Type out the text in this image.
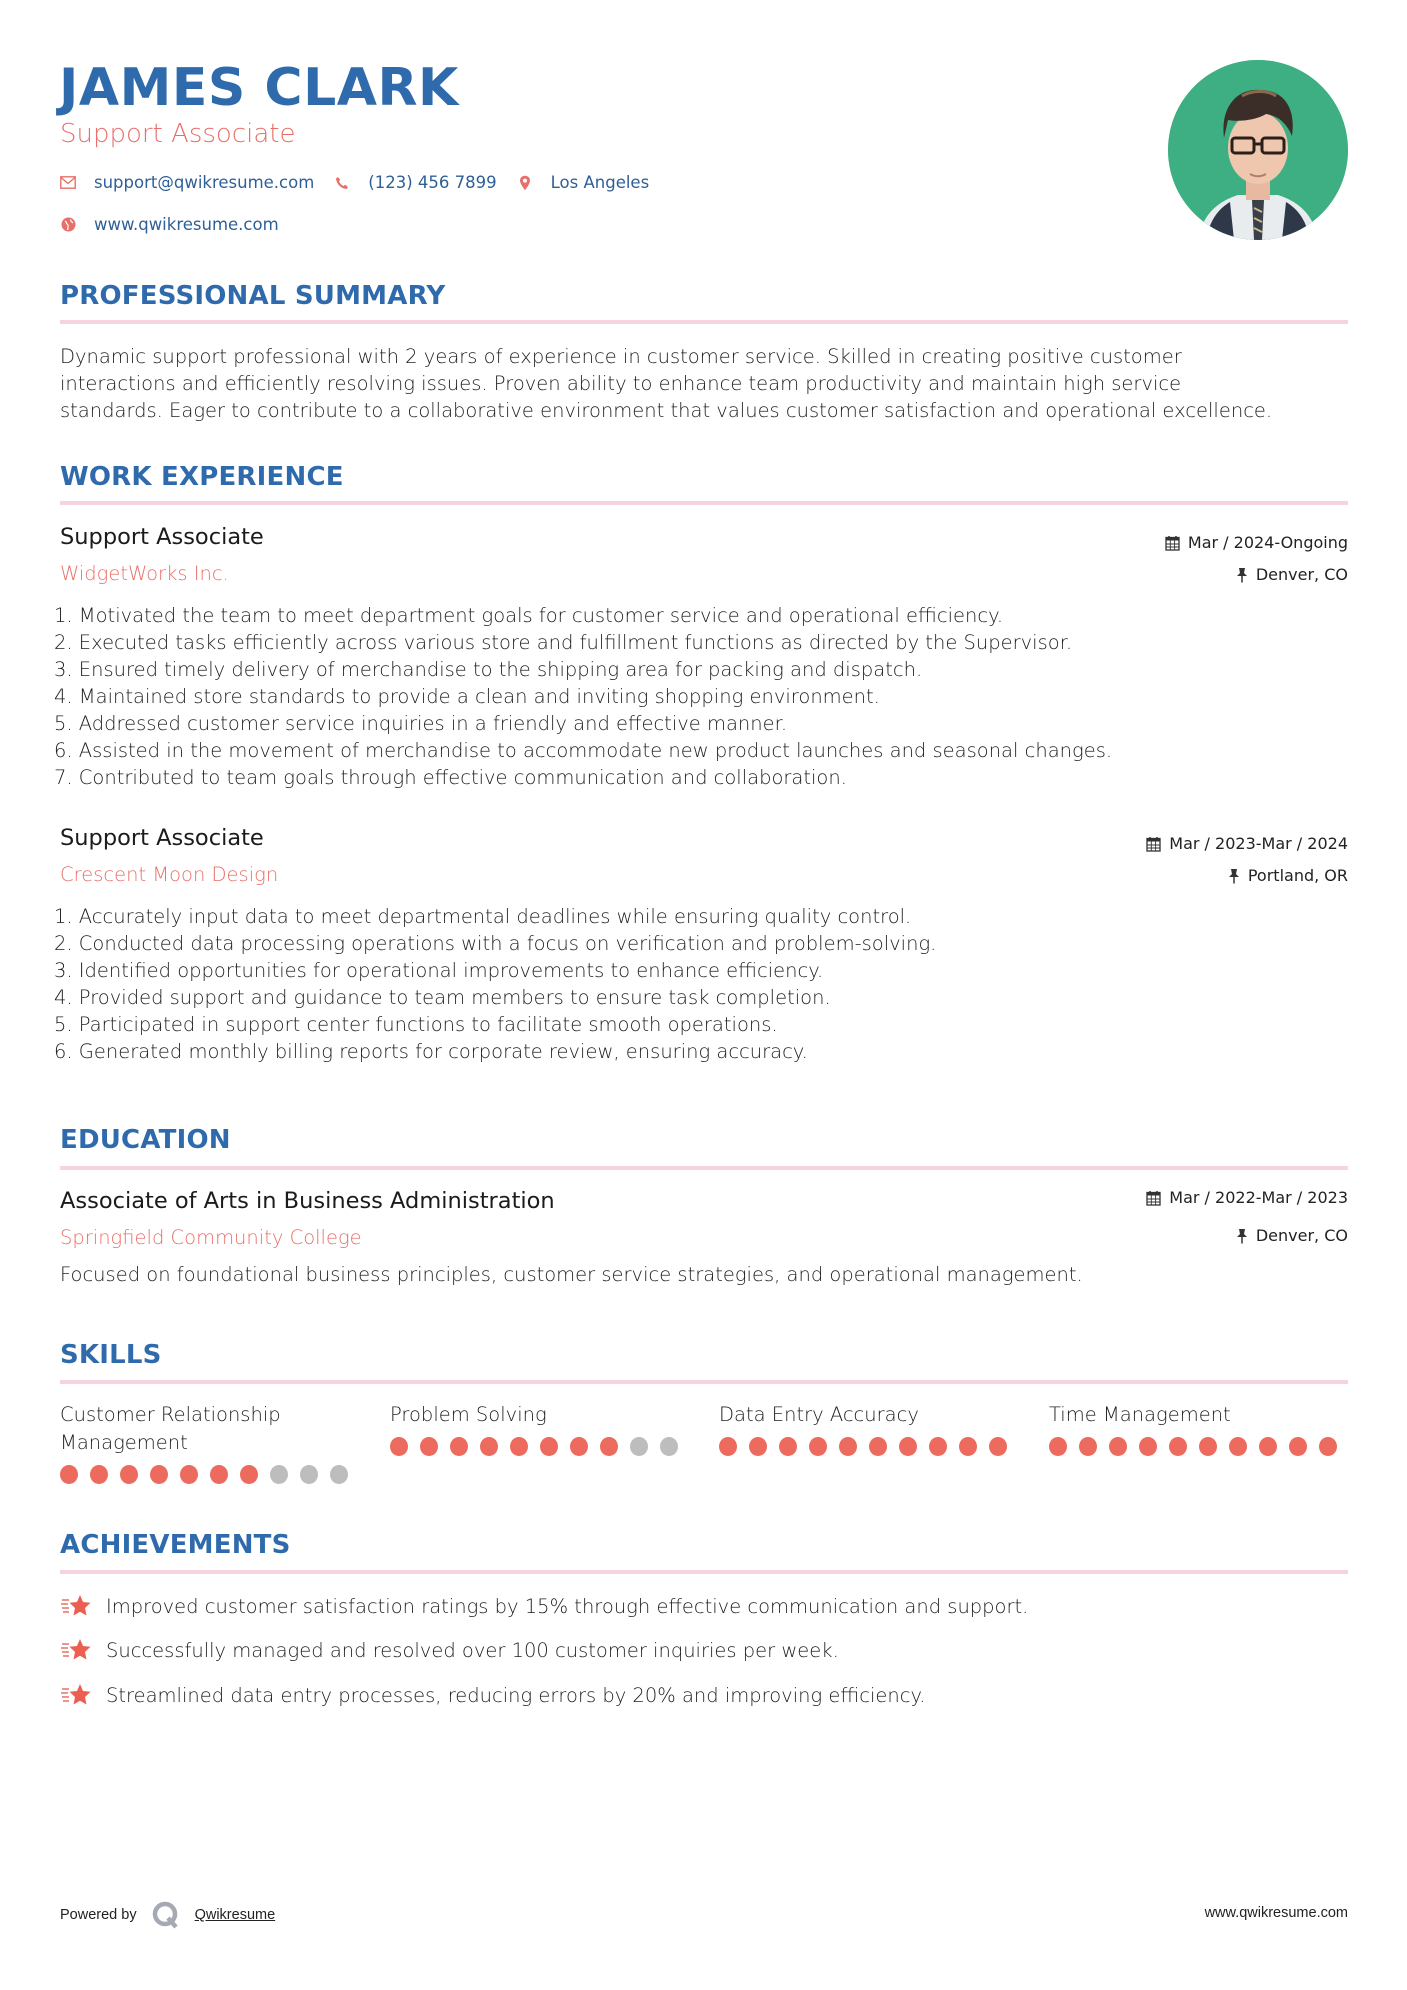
JAMES CLARK
Support Associate
support@qwikresume.com	(123) 456 7899	Los Angeles
www.qwikresume.com
PROFESSIONAL SUMMARY
Dynamic support professional with 2 years of experience in customer service. Skilled in creating positive customer
interactions and efficiently resolving issues. Proven ability to enhance team productivity and maintain high service
standards. Eager to contribute to a collaborative environment that values customer satisfaction and operational excellence.
WORK EXPERIENCE
Support Associate
WidgetWorks Inc.
Mar / 2024-Ongoing
Denver, CO
1. Motivated the team to meet department goals for customer service and operational efficiency.
2. Executed tasks efficiently across various store and fulfillment functions as directed by the Supervisor.
3. Ensured timely delivery of merchandise to the shipping area for packing and dispatch.
4. Maintained store standards to provide a clean and inviting shopping environment.
5. Addressed customer service inquiries in a friendly and effective manner.
6. Assisted in the movement of merchandise to accommodate new product launches and seasonal changes.
7. Contributed to team goals through effective communication and collaboration.
Support Associate
Crescent Moon Design
Mar / 2023-Mar / 2024
Portland, OR
1. Accurately input data to meet departmental deadlines while ensuring quality control.
2. Conducted data processing operations with a focus on verification and problem-solving.
3. Identified opportunities for operational improvements to enhance efficiency.
4. Provided support and guidance to team members to ensure task completion.
5. Participated in support center functions to facilitate smooth operations.
6. Generated monthly billing reports for corporate review, ensuring accuracy.
EDUCATION
Associate of Arts in Business Administration
Springfield Community College
Mar / 2022-Mar / 2023
Denver, CO
Focused on foundational business principles, customer service strategies, and operational management.
SKILLS
Customer Relationship
Management
Problem Solving	Data Entry Accuracy	Time Management
ACHIEVEMENTS
Improved customer satisfaction ratings by 15% through effective communication and support.
Successfully managed and resolved over 100 customer inquiries per week.
Streamlined data entry processes, reducing errors by 20% and improving efficiency.
Powered by	Qwikresume	www.qwikresume.com
